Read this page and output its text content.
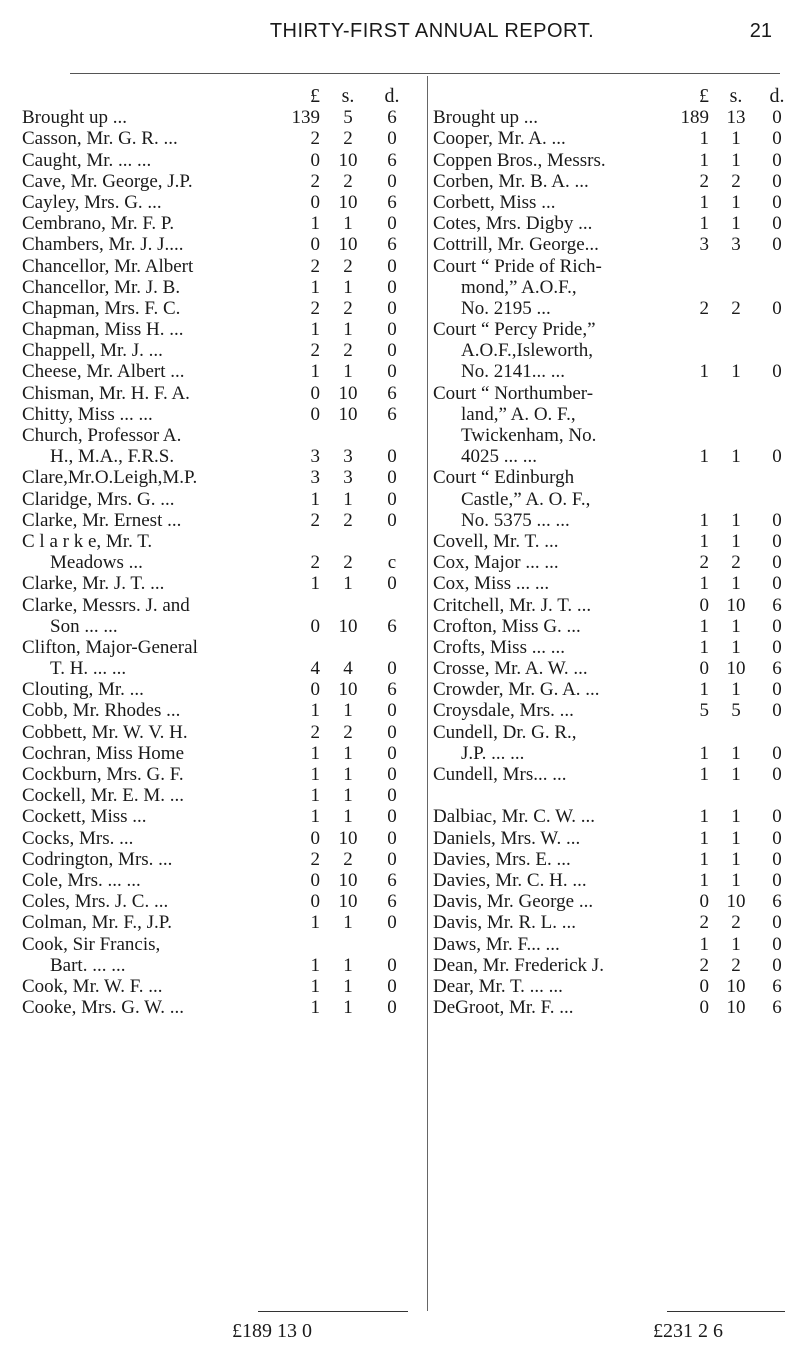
THIRTY-FIRST ANNUAL REPORT.	21
£	s.	d.
Brought up ...	139	5	6
Casson, Mr. G. R. ...	2	2	0
Caught, Mr. ... ...	0 10	6
Cave, Mr. George, J.P.	2	2	0
Cayley, Mrs. G. ...	0 10	6
Cembrano, Mr. F. P.	1	1	0
Chambers, Mr. J. J....	0 10	6
Chancellor, Mr. Albert	2	2	0
Chancellor, Mr. J. B.	1	1	0
Chapman, Mrs. F. C.	2	2	0
Chapman, Miss H. ...	1	1	0
Chappell, Mr. J. ...	2	2	0
Cheese, Mr. Albert ...	1	1	0
Chisman, Mr. H. F. A.	0 10	6
Chitty, Miss ... ...	0 10	6
Church, Professor A.
H., M.A., F.R.S.	3	3	0
Clare,Mr.O.Leigh,M.P.	3	3	0
Claridge, Mrs. G. ...	1	1	0
Clarke, Mr. Ernest ...	2	2	0
C l a r k e, Mr. T.
Meadows ...	2	2	c
Clarke, Mr. J. T. ...	1	1	0
Clarke, Messrs. J. and
Son ... ...	0 10	6
Clifton, Major-General
T. H. ... ...	4	4	0
Clouting, Mr. ...	0 10	6
Cobb, Mr. Rhodes ...	1	1	0
Cobbett, Mr. W. V. H.	2	2	0
Cochran, Miss Home	1	1	0
Cockburn, Mrs. G. F.	1	1	0
Cockell, Mr. E. M. ...	1	1	0
Cockett, Miss ...	1	1	0
Cocks, Mrs. ...	0 10	0
Codrington, Mrs. ...	2	2	0
Cole, Mrs. ... ...	0 10	6
Coles, Mrs. J. C. ...	0 10	6
Colman, Mr. F., J.P.	1	1	0
Cook, Sir Francis,
Bart. ... ...	1	1	0
Cook, Mr. W. F. ...	1	1	0
Cooke, Mrs. G. W. ...	1	1	0
£	s.	d.
Brought up ...	189 13	0
Cooper, Mr. A. ...	1	1	0
Coppen Bros., Messrs.	1	1	0
Corben, Mr. B. A. ...	2	2	0
Corbett, Miss ...	1	1	0
Cotes, Mrs. Digby ...	1	1	0
Cottrill, Mr. George...	3	3	0
Court “ Pride of Rich-
mond,” A.O.F.,
No. 2195 ...	2	2	0
Court “ Percy Pride,”
A.O.F.,Isleworth,
No. 2141... ...	1	1	0
Court “ Northumber-
land,” A. O. F.,
Twickenham, No.
4025 ... ...	1	1	0
Court “ Edinburgh
Castle,” A. O. F.,
No. 5375 ... ...	1	1	0
Covell, Mr. T. ...	1	1	0
Cox, Major ... ...	2	2	0
Cox, Miss ... ...	1	1	0
Critchell, Mr. J. T. ...	0 10	6
Crofton, Miss G. ...	1	1	0
Crofts, Miss ... ...	1	1	0
Crosse, Mr. A. W. ...	0 10	6
Crowder, Mr. G. A. ...	1	1	0
Croysdale, Mrs. ...	5	5	0
Cundell, Dr. G. R.,
J.P. ... ...	1	1	0
Cundell, Mrs... ...	1	1	0
Dalbiac, Mr. C. W. ...	1	1	0
Daniels, Mrs. W. ...	1	1	0
Davies, Mrs. E. ...	1	1	0
Davies, Mr. C. H. ...	1	1	0
Davis, Mr. George ...	0 10	6
Davis, Mr. R. L. ...	2	2	0
Daws, Mr. F... ...	1	1	0
Dean, Mr. Frederick J.	2	2	0
Dear, Mr. T. ... ...	0 10	6
DeGroot, Mr. F. ...	0 10	6
£189 13 0	£231 2 6
